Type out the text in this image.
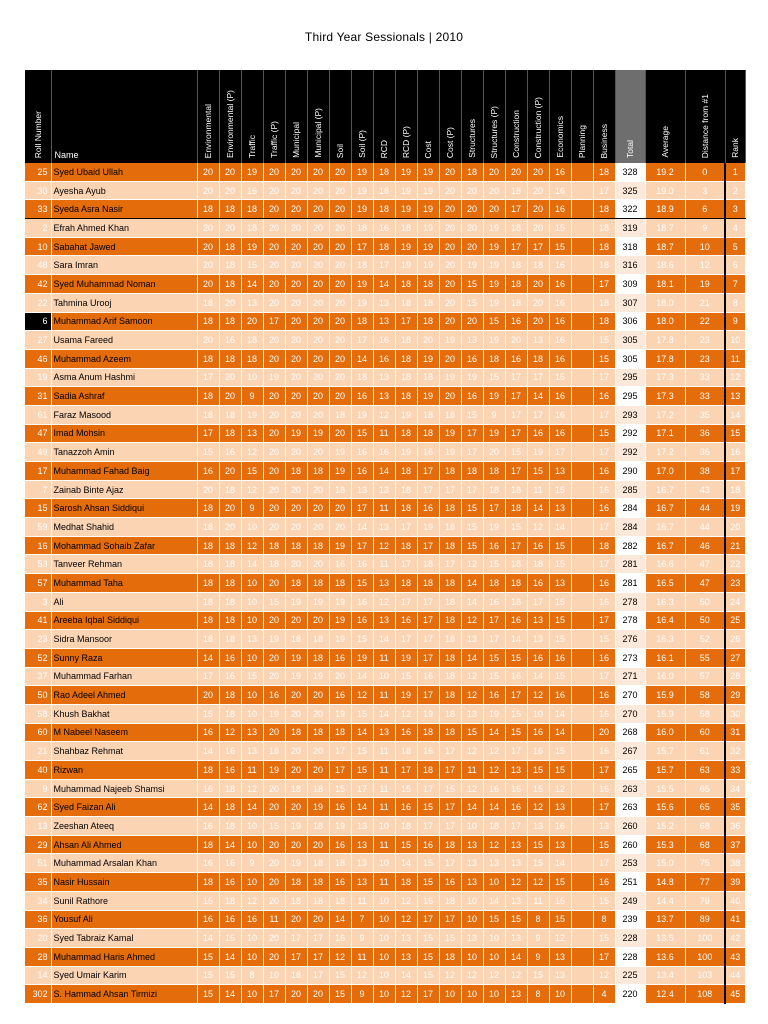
Third Year Sessionals | 2010
Roll Number	Name	Environmental	Environmental (P)	Traffic	Traffic (P)	Municipal	Municipal (P)	Soil	Soil (P)	RCD	RCD (P)	Cost	Cost (P)	Structures	Structures (P)	Construction	Construction (P)	Economics	Planning	Business	Total	Average	Distance from #1	Rank
25	Syed Ubaid Ullah	20	20	19	20	20	20	20	19	18	19	19	20	18	20	20	20	16		18	328	19.2	0	1
30	Ayesha Ayub	20	20	16	20	20	20	20	19	18	19	19	20	20	20	18	20	16		17	325	19.0	3	2
33	Syeda Asra Nasir	18	18	18	20	20	20	20	19	18	19	19	20	20	20	17	20	16		18	322	18.9	6	3
2	Efrah Ahmed Khan	20	20	18	20	20	20	20	18	16	18	19	20	20	19	18	20	15		18	319	18.7	9	4
10	Sabahat Jawed	20	18	19	20	20	20	20	17	18	19	19	20	20	19	17	17	15		18	318	18.7	10	5
48	Sara Imran	20	18	15	20	20	20	20	18	17	19	19	20	19	19	18	18	16		18	316	18.6	12	6
42	Syed Muhammad Noman	20	18	14	20	20	20	20	19	14	18	18	20	15	19	18	20	16		17	309	18.1	19	7
22	Tahmina Urooj	18	20	13	20	20	20	20	19	13	18	18	20	15	19	18	20	16		18	307	18.0	21	8
6	Muhammad Arif Samoon	18	18	20	17	20	20	20	18	13	17	18	20	20	15	16	20	16		18	306	18.0	22	9
27	Usama Fareed	20	16	18	20	20	20	20	17	16	18	20	19	13	19	20	13	16		15	305	17.8	23	10
46	Muhammad Azeem	18	18	18	20	20	20	20	14	16	18	19	20	16	18	16	18	16		15	305	17.8	23	11
19	Asma Anum Hashmi	17	20	10	19	20	20	20	18	13	18	18	19	19	15	17	17	15		17	295	17.3	33	12
31	Sadia Ashraf	18	20	9	20	20	20	20	16	13	18	19	20	16	19	17	14	16		16	295	17.3	33	13
61	Faraz Masood	18	18	19	20	20	20	18	19	12	19	18	18	15	9	17	17	16		17	293	17.2	35	14
47	Imad Mohsin	17	18	13	20	19	19	20	15	11	18	18	19	17	19	17	16	16		15	292	17.1	36	15
49	Tanazzoh Amin	15	16	12	20	20	20	19	16	16	19	16	19	17	20	15	19	17		17	292	17.2	36	16
17	Muhammad Fahad Baig	16	20	15	20	18	18	19	16	14	18	17	18	18	18	17	15	13		16	290	17.0	38	17
7	Zainab Binte Ajaz	20	18	12	20	20	20	18	13	13	18	17	17	17	18	18	11	15		16	285	16.7	43	18
15	Sarosh Ahsan Siddiqui	18	20	9	20	20	20	20	17	11	18	16	18	15	17	18	14	13		16	284	16.7	44	19
59	Medhat Shahid	18	20	10	20	20	20	20	14	13	17	19	18	15	19	15	12	14		17	284	16.7	44	20
16	Mohammad Sohaib Zafar	18	18	12	18	18	18	19	17	12	18	17	18	15	16	17	16	15		18	282	16.7	46	21
53	Tanveer Rehman	18	18	14	18	20	20	16	16	11	17	18	17	12	15	18	18	15		17	281	16.6	47	22
57	Muhammad Taha	18	18	10	20	18	18	18	15	13	18	18	18	14	18	18	16	13		16	281	16.5	47	23
3	Ali	18	18	10	15	19	19	19	16	12	17	17	18	14	16	18	17	15		16	278	16.3	50	24
41	Areeba Iqbal Siddiqui	18	18	10	20	20	20	19	16	13	16	17	18	12	17	16	13	15		17	278	16.4	50	25
23	Sidra Mansoor	18	18	13	19	18	18	19	15	14	17	17	18	13	17	14	13	15		15	276	16.3	52	26
52	Sunny Raza	14	16	10	20	19	18	16	19	11	19	17	18	14	15	15	16	16		16	273	16.1	55	27
37	Muhammad Farhan	17	16	15	20	19	19	20	14	10	15	16	18	12	15	16	14	15		17	271	16.0	57	28
50	Rao Adeel Ahmed	20	18	10	16	20	20	16	12	11	19	17	18	12	16	17	12	16		16	270	15.9	58	29
58	Khush Bakhat	15	18	10	19	20	20	19	15	14	12	19	18	13	19	15	10	14		16	270	15.9	58	30
60	M Nabeel Naseem	16	12	13	20	18	18	18	14	13	16	18	18	15	14	15	16	14		20	268	16.0	60	31
21	Shahbaz Rehmat	14	16	13	18	20	20	17	15	11	18	16	17	12	12	17	16	15		16	267	15.7	61	32
40	Rizwan	18	16	11	19	20	20	17	15	11	17	18	17	11	12	13	15	15		17	265	15.7	63	33
9	Muhammad Najeeb Shamsi	16	18	12	20	18	18	15	17	11	15	17	15	12	16	16	15	12		16	263	15.5	65	34
62	Syed Faizan Ali	14	18	14	20	20	19	16	14	11	16	15	17	14	14	16	12	13		17	263	15.6	65	35
13	Zeeshan Ateeq	16	18	10	15	19	18	19	13	10	18	17	17	10	18	17	13	16		13	260	15.2	68	36
29	Ahsan Ali Ahmed	18	14	10	20	20	20	16	13	11	15	16	18	13	12	13	15	13		15	260	15.3	68	37
51	Muhammad Arsalan Khan	16	16	9	20	19	18	18	13	10	14	15	17	13	13	13	15	14		17	253	15.0	75	38
35	Nasir Hussain	18	16	10	20	18	18	16	13	11	18	15	16	13	10	12	12	15		16	251	14.8	77	39
34	Sunil Rathore	15	18	12	20	18	18	18	11	10	12	16	18	10	14	13	11	15		15	249	14.4	79	40
36	Yousuf Ali	16	16	16	11	20	20	14	7	10	12	17	17	10	15	15	8	15		8	239	13.7	89	41
20	Syed Tabraiz Kamal	14	15	10	20	17	17	16	9	10	13	15	15	13	10	13	9	12		15	228	13.5	100	42
28	Muhammad Haris Ahmed	15	14	10	20	17	17	12	11	10	13	15	18	10	10	14	9	13		17	228	13.6	100	43
14	Syed Umair Karim	15	15	8	10	18	17	15	12	10	14	15	12	12	12	12	15	13		12	225	13.4	103	44
302	S. Hammad Ahsan Tirmizi	15	14	10	17	20	20	15	9	10	12	17	10	10	10	13	8	10		4	220	12.4	108	45
